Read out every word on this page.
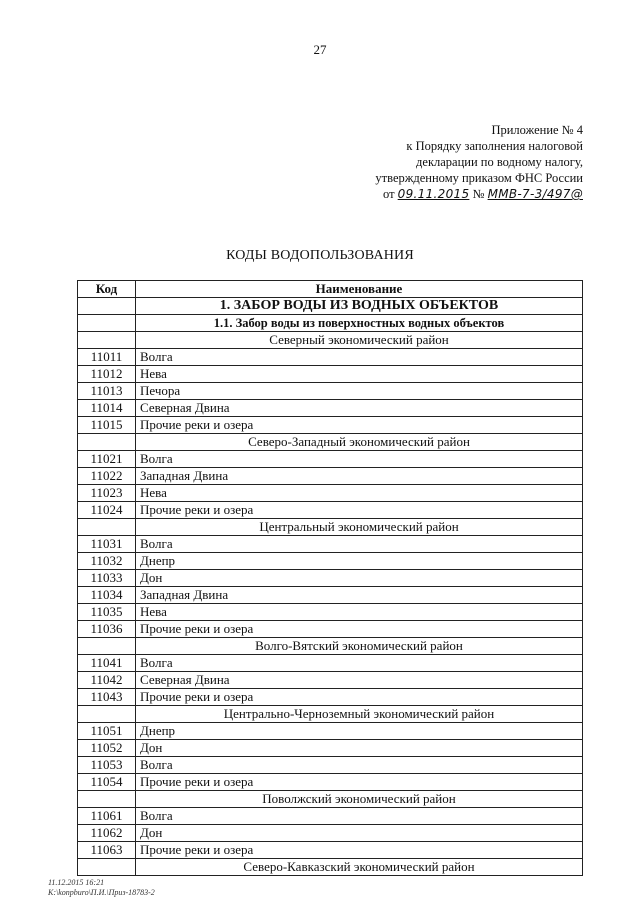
27
Приложение № 4
к Порядку заполнения налоговой
декларации по водному налогу,
утвержденному приказом ФНС России
от 09.11.2015 № ММВ-7-3/497@
КОДЫ ВОДОПОЛЬЗОВАНИЯ
Код	Наименование
	1. ЗАБОР ВОДЫ ИЗ ВОДНЫХ ОБЪЕКТОВ
	1.1. Забор воды из поверхностных водных объектов
	Северный экономический район
11011	Волга
11012	Нева
11013	Печора
11014	Северная Двина
11015	Прочие реки и озера
	Северо-Западный экономический район
11021	Волга
11022	Западная Двина
11023	Нева
11024	Прочие реки и озера
	Центральный экономический район
11031	Волга
11032	Днепр
11033	Дон
11034	Западная Двина
11035	Нева
11036	Прочие реки и озера
	Волго-Вятский экономический район
11041	Волга
11042	Северная Двина
11043	Прочие реки и озера
	Центрально-Черноземный экономический район
11051	Днепр
11052	Дон
11053	Волга
11054	Прочие реки и озера
	Поволжский экономический район
11061	Волга
11062	Дон
11063	Прочие реки и озера
	Северо-Кавказский экономический район
11.12.2015 16:21
К:\konpburo\П.И.\Приз-18783-2
